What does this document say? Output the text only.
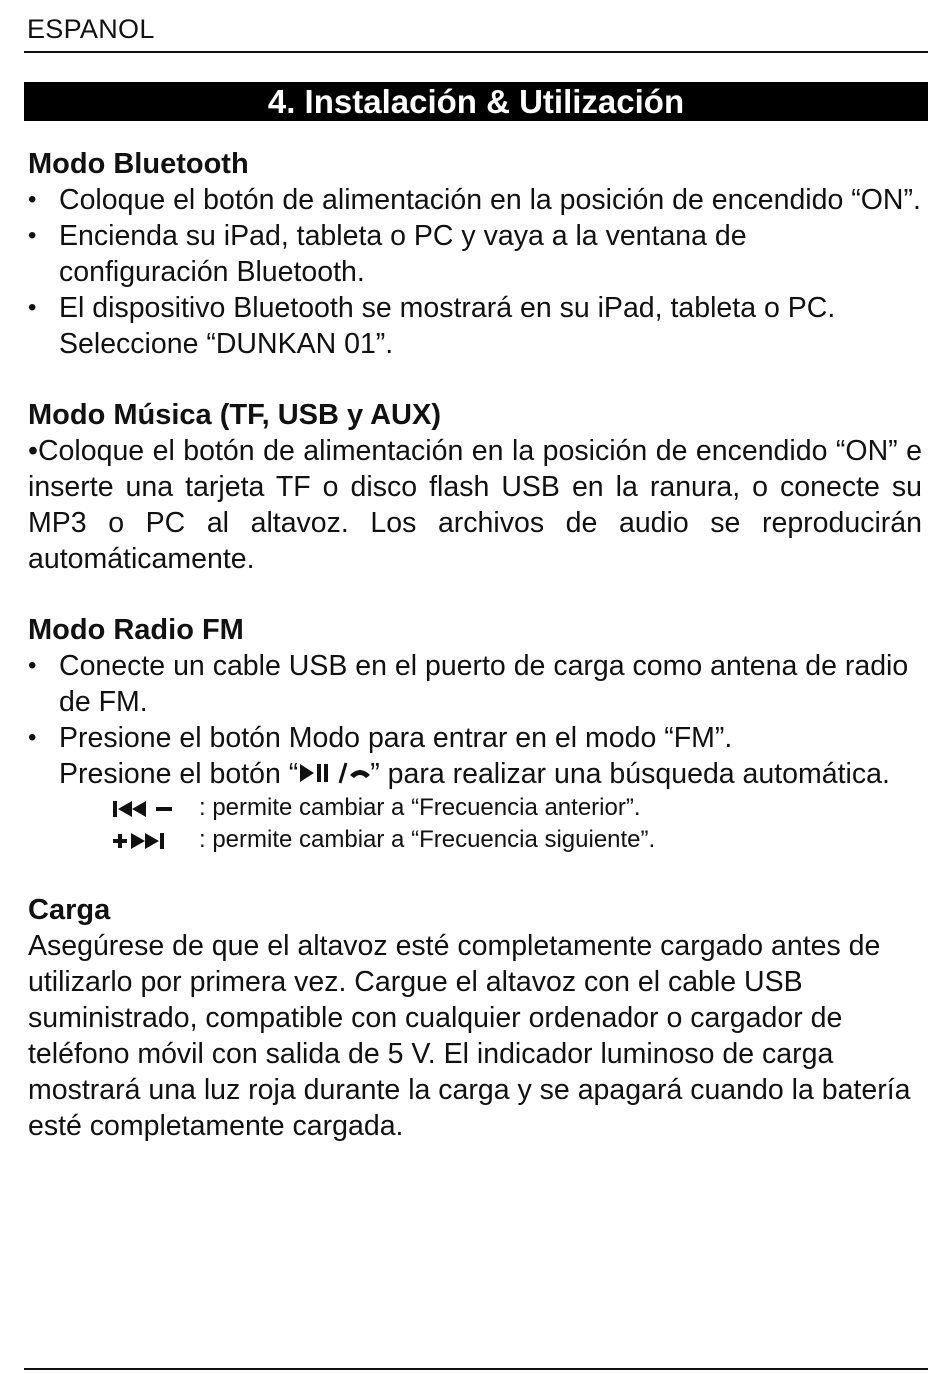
ESPANOL
4. Instalación & Utilización
Modo Bluetooth
• Coloque el botón de alimentación en la posición de encendido “ON”.
• Encienda su iPad, tableta o PC y vaya a la ventana de configuración Bluetooth.
• El dispositivo Bluetooth se mostrará en su iPad, tableta o PC. Seleccione “DUNKAN 01”.
Modo Música (TF, USB y AUX)

•Coloque el botón de alimentación en la posición de encendido “ON” e inserte una tarjeta TF o disco flash USB en la ranura, o conecte su MP3 o PC al altavoz. Los archivos de audio se reproducirán automáticamente.

Modo Radio FM
• Conecte un cable USB en el puerto de carga como antena de radio de FM.
• Presione el botón Modo para entrar en el modo “FM”.
Presione el botón “	” para realizar una búsqueda automática.
: permite cambiar a “Frecuencia anterior”.
: permite cambiar a “Frecuencia siguiente”.
Carga

Asegúrese de que el altavoz esté completamente cargado antes de utilizarlo por primera vez. Cargue el altavoz con el cable USB suministrado, compatible con cualquier ordenador o cargador de teléfono móvil con salida de 5 V. El indicador luminoso de carga mostrará una luz roja durante la carga y se apagará cuando la batería esté completamente cargada.
